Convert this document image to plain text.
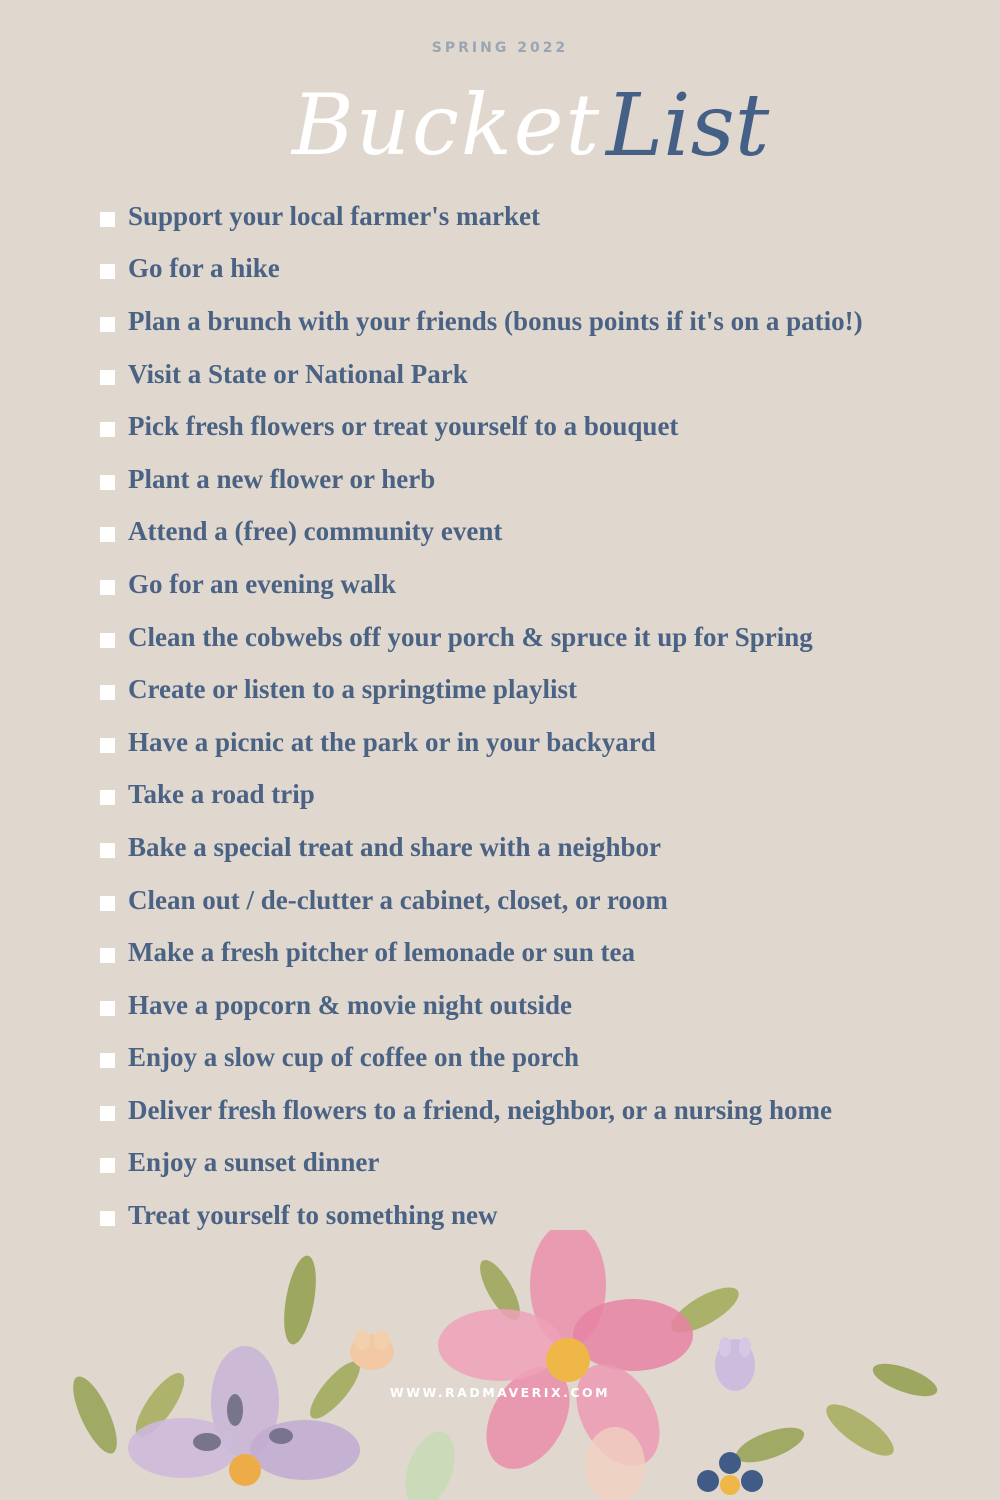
SPRING 2022
Bucket List
Support your local farmer's market
Go for a hike
Plan a brunch with your friends (bonus points if it's on a patio!)
Visit a State or National Park
Pick fresh flowers or treat yourself to a bouquet
Plant a new flower or herb
Attend a (free) community event
Go for an evening walk
Clean the cobwebs off your porch & spruce it up for Spring
Create or listen to a springtime playlist
Have a picnic at the park or in your backyard
Take a road trip
Bake a special treat and share with a neighbor
Clean out / de-clutter a cabinet, closet, or room
Make a fresh pitcher of lemonade or sun tea
Have a popcorn & movie night outside
Enjoy a slow cup of coffee on the porch
Deliver fresh flowers to a friend, neighbor, or a nursing home
Enjoy a sunset dinner
Treat yourself to something new
WWW.RADMAVERIX.COM
